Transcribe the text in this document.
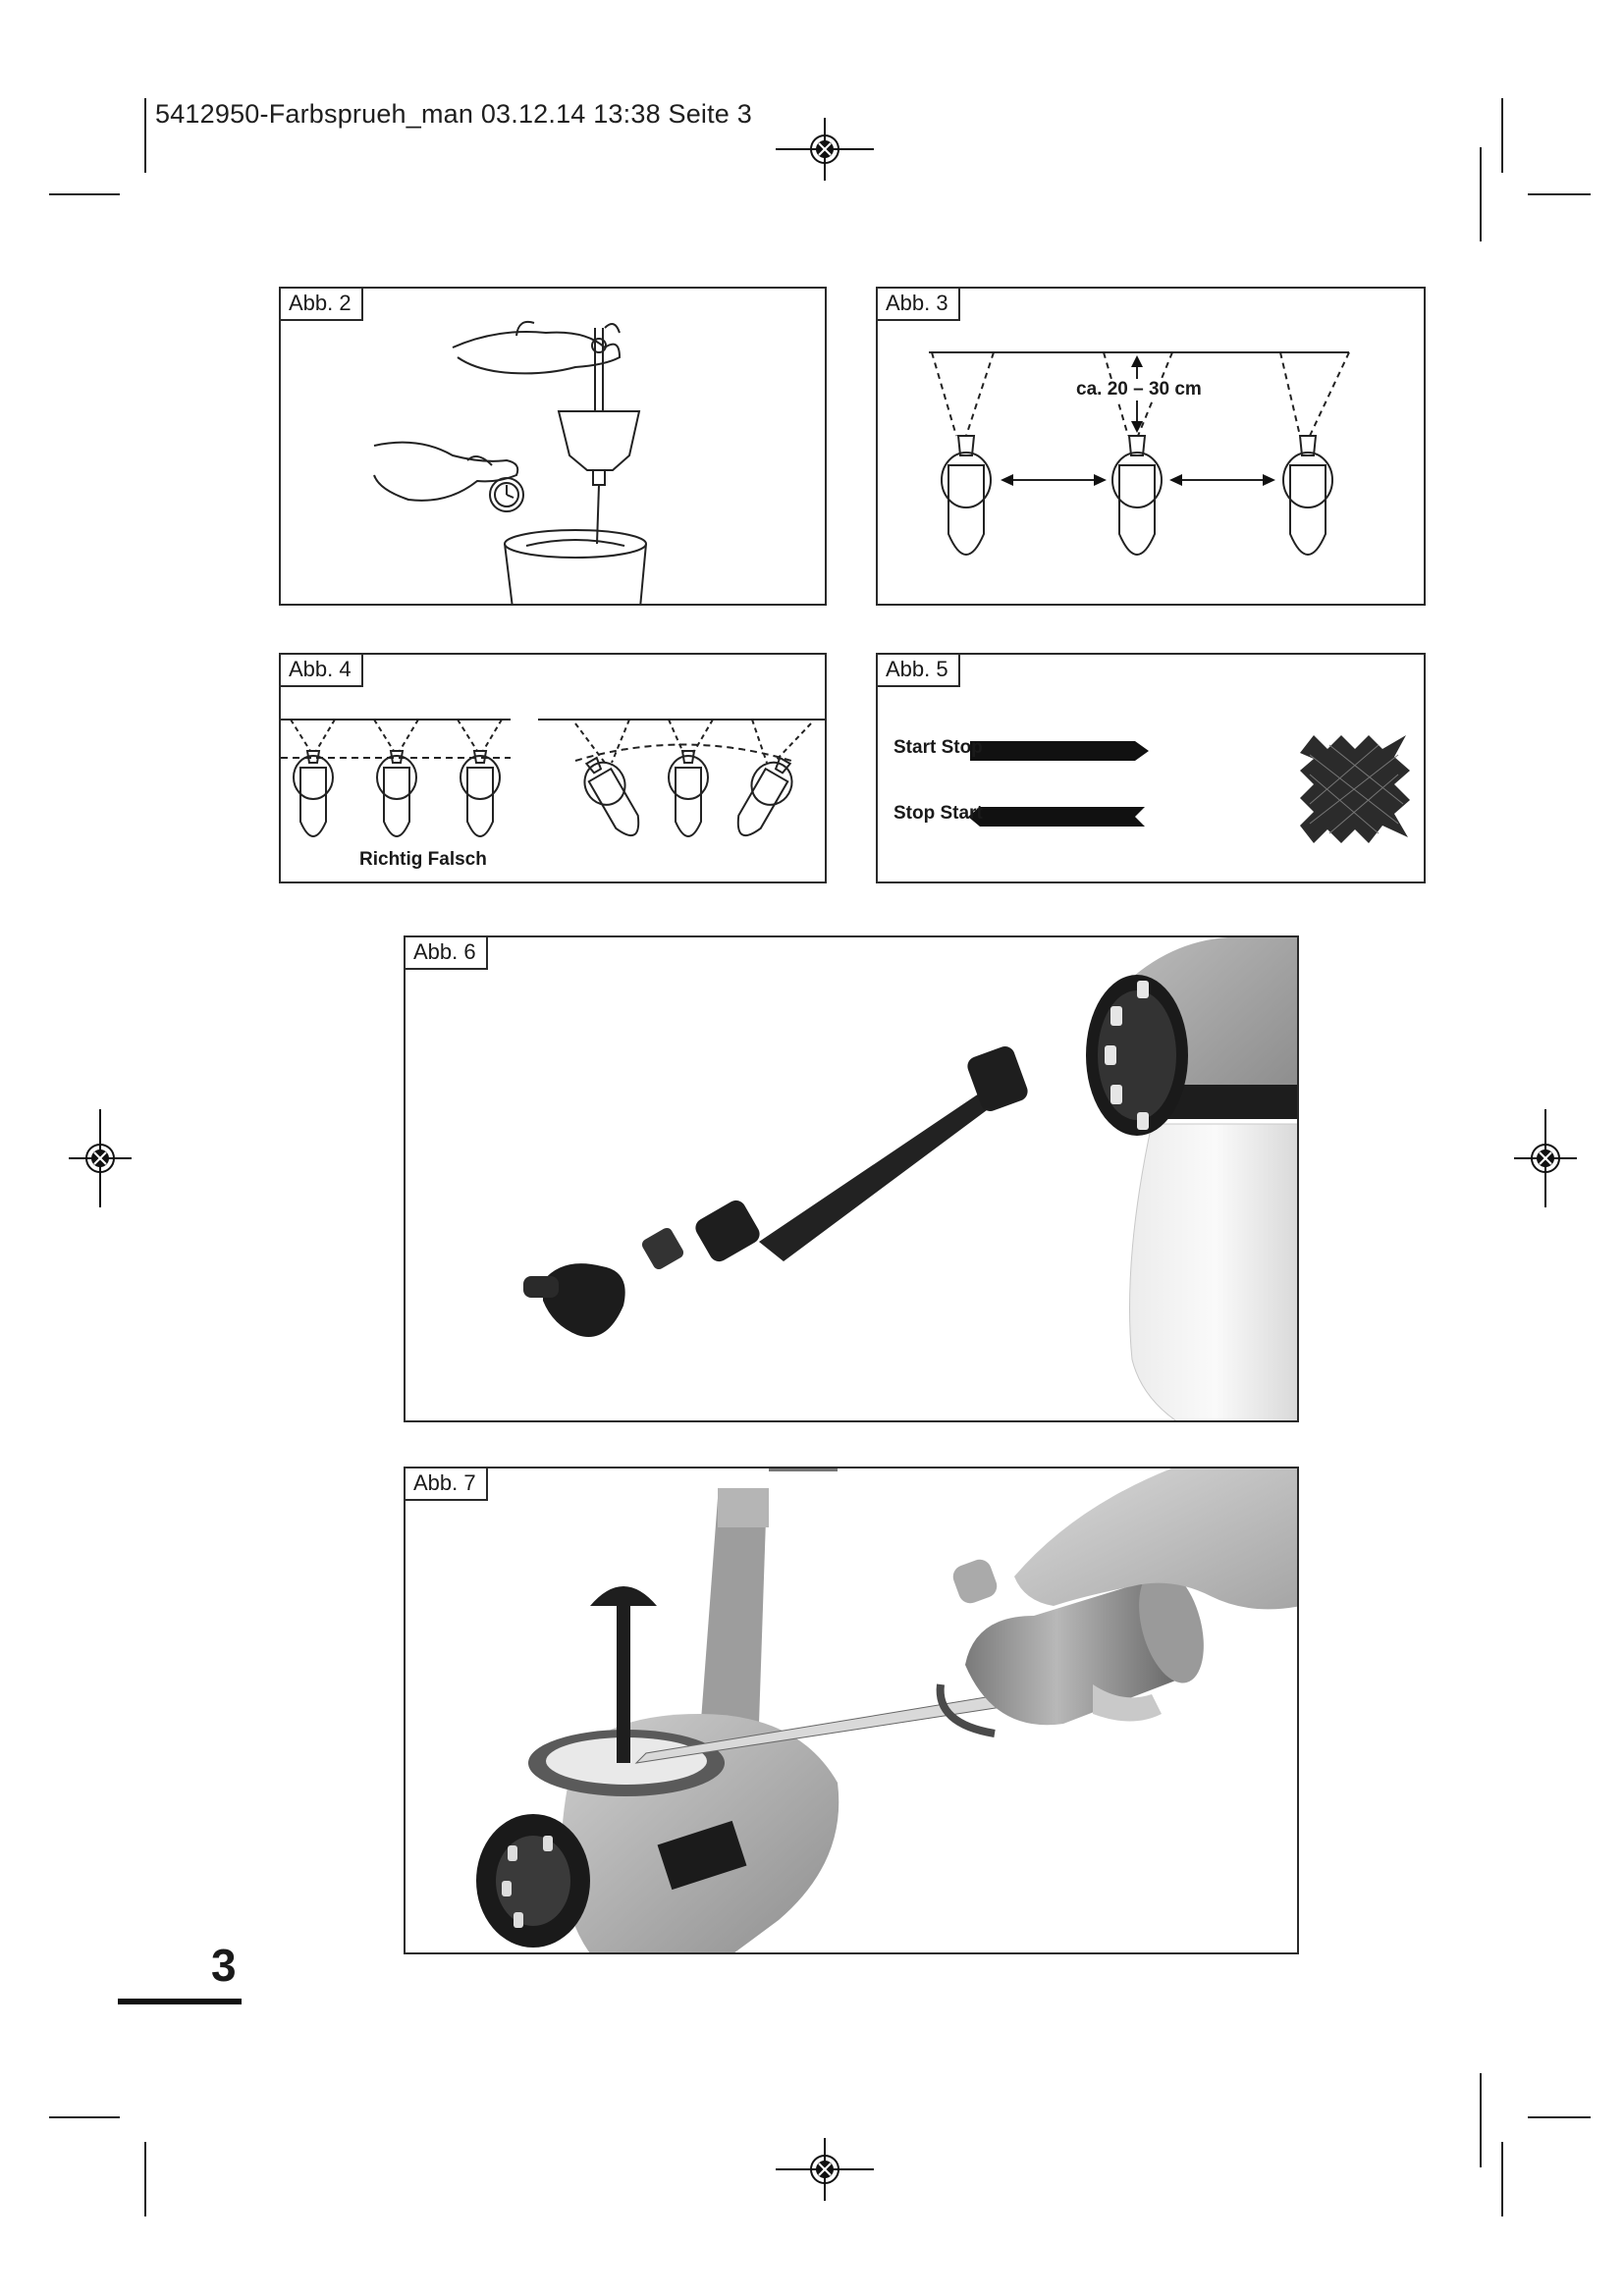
5412950-Farbsprueh_man 03.12.14 13:38 Seite 3
Abb. 2	Abb. 3
ca. 20 – 30 cm
Abb. 4
Richtig Falsch
Abb. 5
Start Stop
Stop Start
Abb. 6
Abb. 7
3
